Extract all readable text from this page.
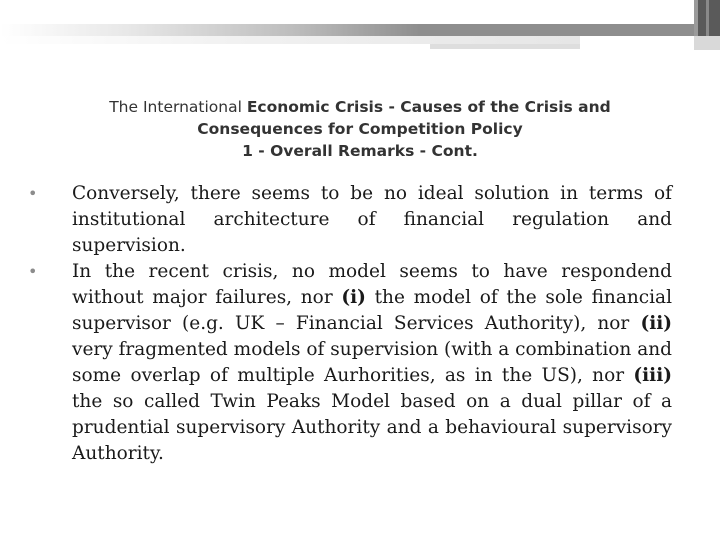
The International Economic Crisis - Causes of the Crisis and
Consequences for Competition Policy
1 - Overall Remarks - Cont.

• Conversely, there seems to be no ideal solution in terms of institutional architecture of financial regulation and supervision.

• In the recent crisis, no model seems to have respondend without major failures, nor (i) the model of the sole financial supervisor (e.g. UK – Financial Services Authority), nor (ii) very fragmented models of supervision (with a combination and some overlap of multiple Aurhorities, as in the US), nor (iii) the so called Twin Peaks Model based on a dual pillar of a prudential supervisory Authority and a behavioural supervisory Authority.
